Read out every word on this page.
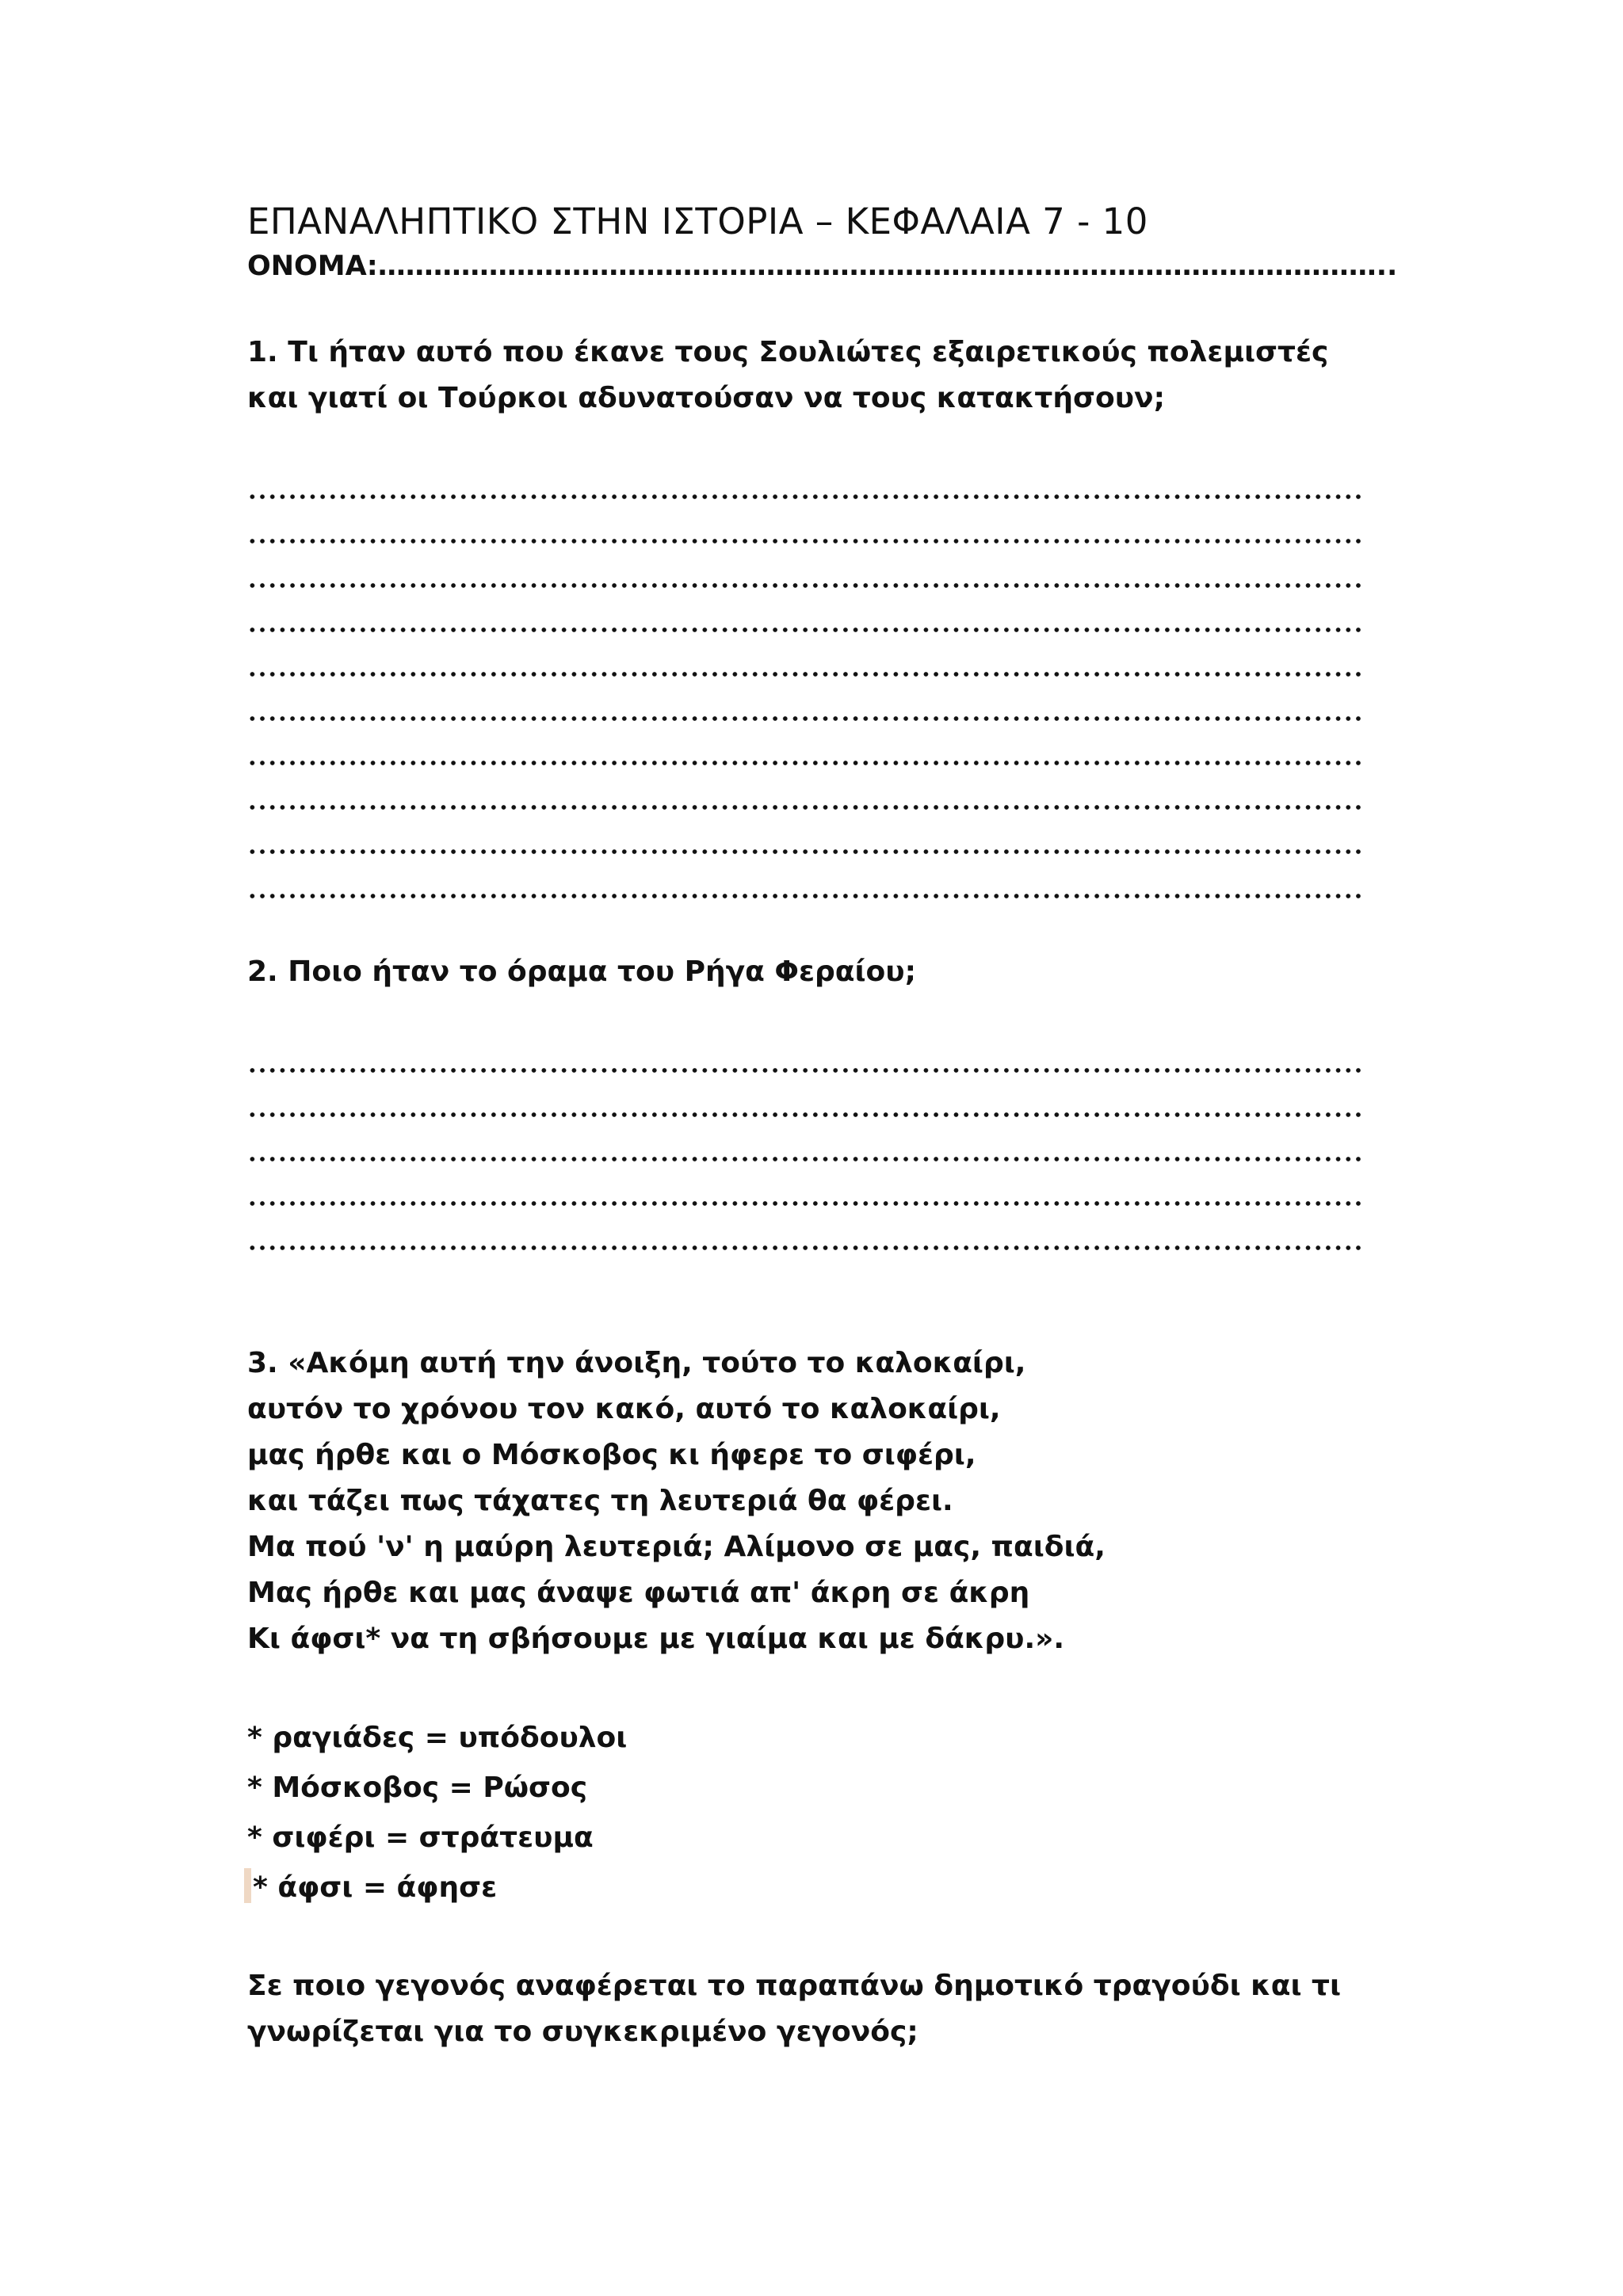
ΕΠΑΝΑΛΗΠΤΙΚΟ ΣΤΗΝ ΙΣΤΟΡΙΑ – ΚΕΦΑΛΑΙΑ 7 - 10
ΟΝΟΜΑ:………………………………………………………………………………………………..
1. Τι ήταν αυτό που έκανε τους Σουλιώτες εξαιρετικούς πολεμιστές και γιατί οι Τούρκοι αδυνατούσαν να τους κατακτήσουν;
2. Ποιο ήταν το όραμα του Ρήγα Φεραίου;
3. «Ακόμη αυτή την άνοιξη, τούτο το καλοκαίρι,
αυτόν το χρόνου τον κακό, αυτό το καλοκαίρι,
μας ήρθε και ο Μόσκοβος κι ήφερε το σιφέρι,
και τάζει πως τάχατες τη λευτεριά θα φέρει.
Μα πού 'ν' η μαύρη λευτεριά; Αλίμονο σε μας, παιδιά,
Μας ήρθε και μας άναψε φωτιά απ' άκρη σε άκρη
Κι άφσι* να τη σβήσουμε με γιαίμα και με δάκρυ.».
* ραγιάδες = υπόδουλοι
* Μόσκοβος = Ρώσος
* σιφέρι = στράτευμα
* άφσι = άφησε
Σε ποιο γεγονός αναφέρεται το παραπάνω δημοτικό τραγούδι και τι γνωρίζεται για το συγκεκριμένο γεγονός;
